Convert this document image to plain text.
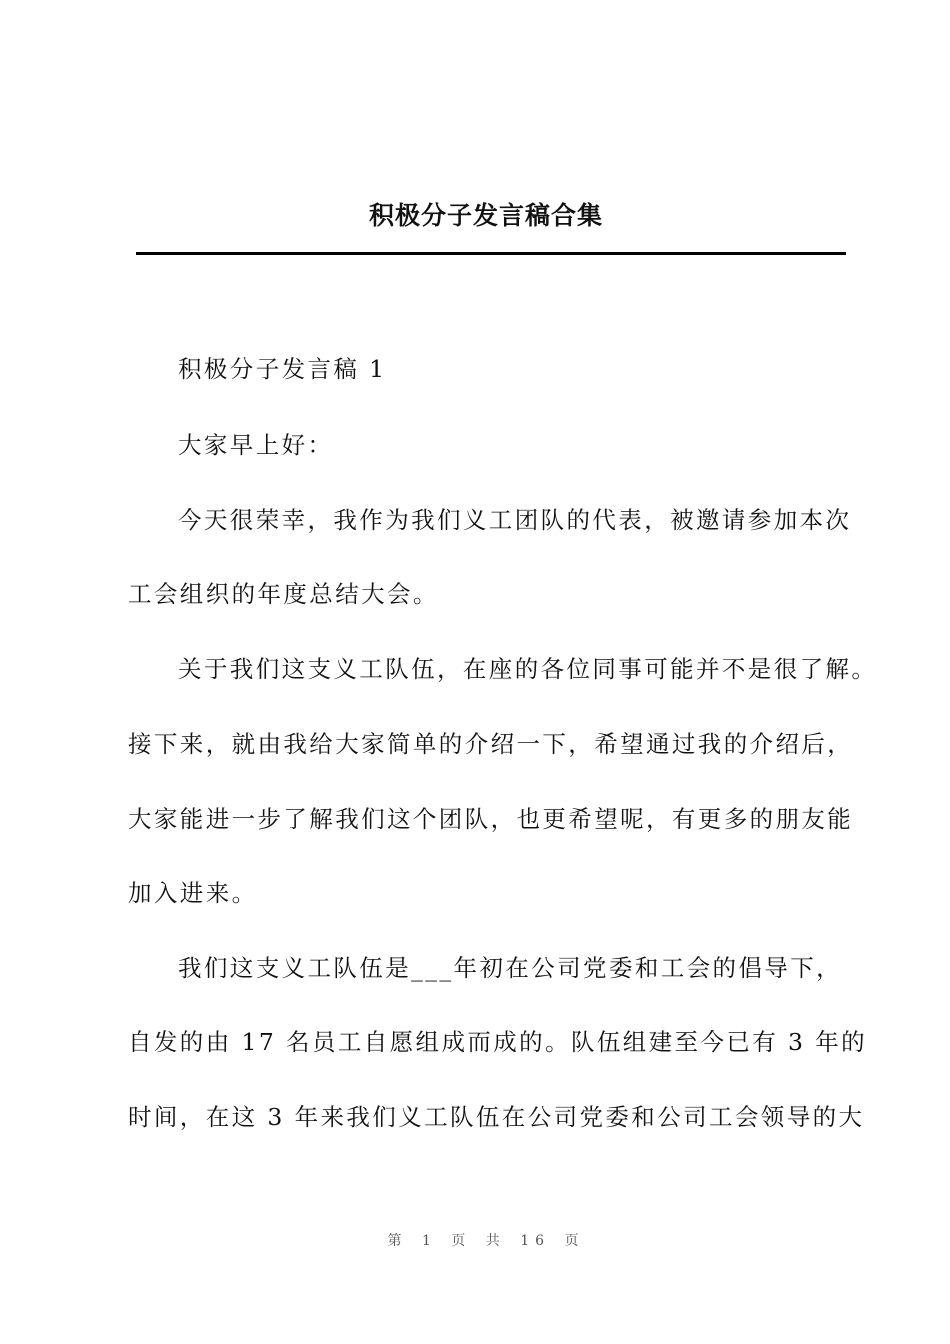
积极分子发言稿合集
积极分子发言稿 1
大家早上好：
今天很荣幸，我作为我们义工团队的代表，被邀请参加本次
工会组织的年度总结大会。
关于我们这支义工队伍，在座的各位同事可能并不是很了解。
接下来，就由我给大家简单的介绍一下，希望通过我的介绍后，
大家能进一步了解我们这个团队，也更希望呢，有更多的朋友能
加入进来。
我们这支义工队伍是___年初在公司党委和工会的倡导下，
自发的由 17 名员工自愿组成而成的。队伍组建至今已有 3 年的
时间，在这 3 年来我们义工队伍在公司党委和公司工会领导的大
第 1 页 共 16 页
